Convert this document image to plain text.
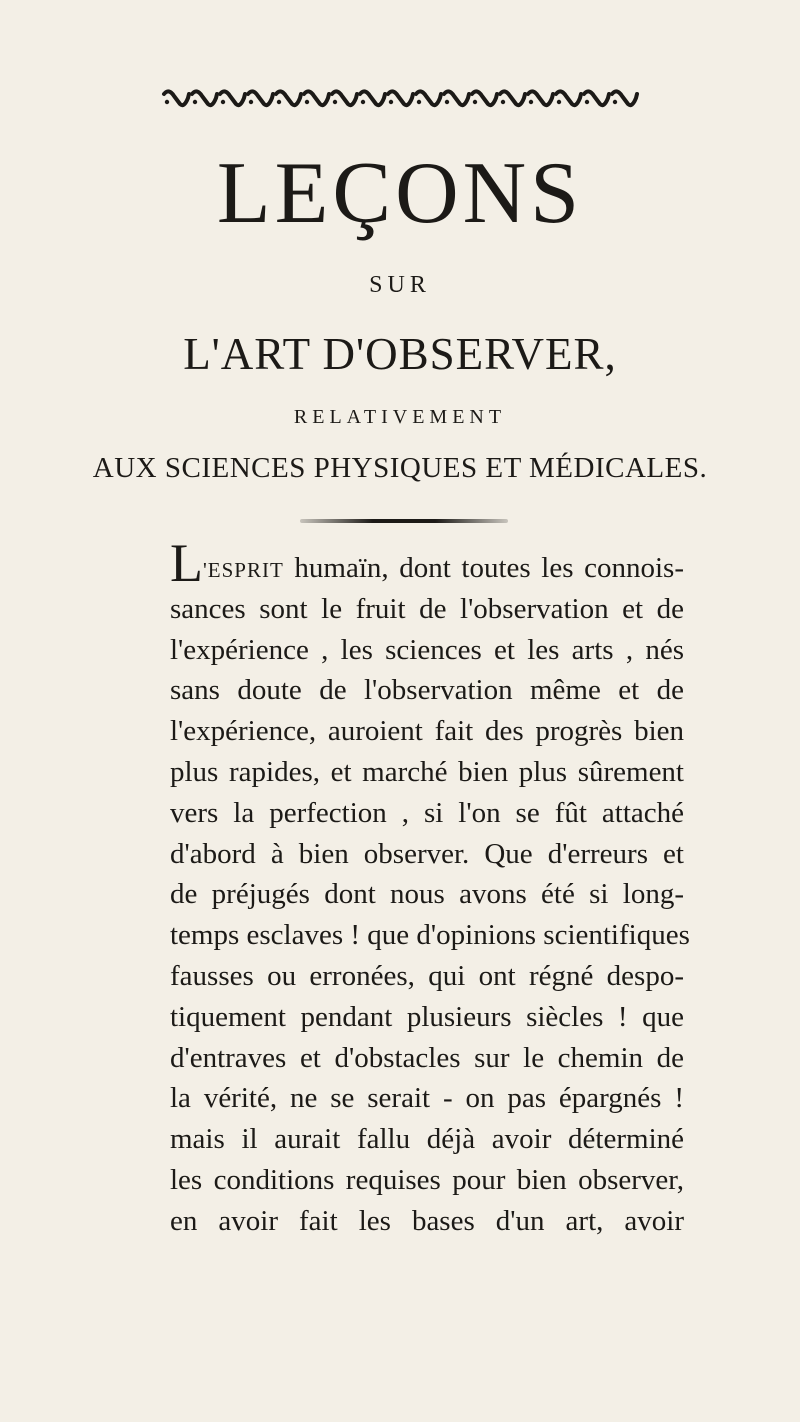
LEÇONS
SUR
L'ART D'OBSERVER,
RELATIVEMENT
AUX SCIENCES PHYSIQUES ET MÉDICALES.
L'ESPRIT humaïn, dont toutes les connois-
sances sont le fruit de l'observation et de
l'expérience , les sciences et les arts , nés
sans doute de l'observation même et de
l'expérience, auroient fait des progrès bien
plus rapides, et marché bien plus sûrement
vers la perfection , si l'on se fût attaché
d'abord à bien observer. Que d'erreurs et
de préjugés dont nous avons été si long-
temps esclaves ! que d'opinions scientifiques
fausses ou erronées, qui ont régné despo-
tiquement pendant plusieurs siècles ! que
d'entraves et d'obstacles sur le chemin de
la vérité, ne se serait - on pas épargnés !
mais il aurait fallu déjà avoir déterminé
les conditions requises pour bien observer,
en avoir fait les bases d'un art, avoir
